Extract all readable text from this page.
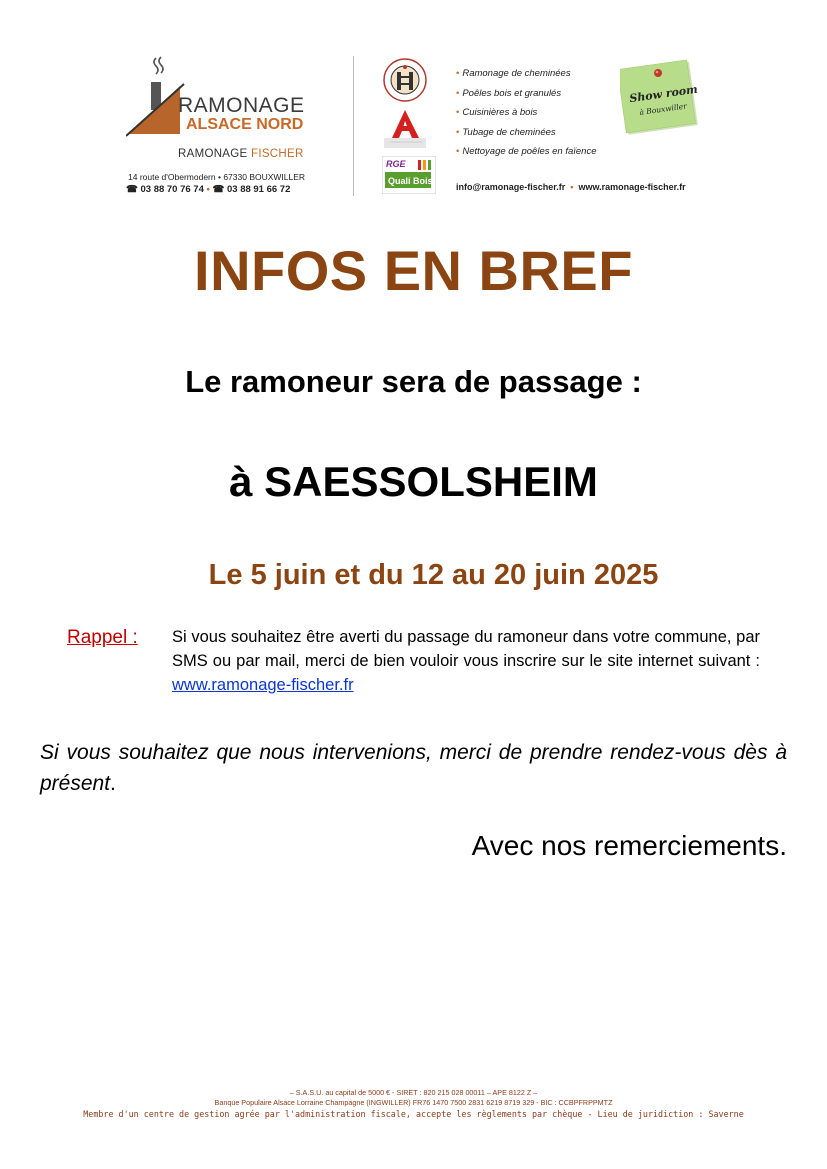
RAMONAGE
ALSACE NORD
RAMONAGE FISCHER
14 route d'Obermodern • 67330 BOUXWILLER
☎ 03 88 70 76 74 • ☎ 03 88 91 66 72
RGE
Quali Bois
• Ramonage de cheminées
• Poêles bois et granulés
• Cuisinières à bois
• Tubage de cheminées
• Nettoyage de poêles en faïence
Show room
à Bouxwiller
info@ramonage-fischer.fr • www.ramonage-fischer.fr
INFOS EN BREF
Le ramoneur sera de passage :
à SAESSOLSHEIM
Le 5 juin et du 12 au 20 juin 2025
Rappel : Si vous souhaitez être averti du passage du ramoneur dans votre commune, par SMS ou par mail, merci de bien vouloir vous inscrire sur le site internet suivant : www.ramonage-fischer.fr
Si vous souhaitez que nous intervenions, merci de prendre rendez-vous dès à présent.
Avec nos remerciements.
– S.A.S.U. au capital de 5000 € - SIRET : 820 215 028 00011 – APE 8122 Z –
Banque Populaire Alsace Lorraine Champagne (INGWILLER) FR76 1470 7500 2831 6219 8719 329 - BIC : CCBPFRPPMTZ
Membre d'un centre de gestion agrée par l'administration fiscale, accepte les règlements par chèque - Lieu de juridiction : Saverne
